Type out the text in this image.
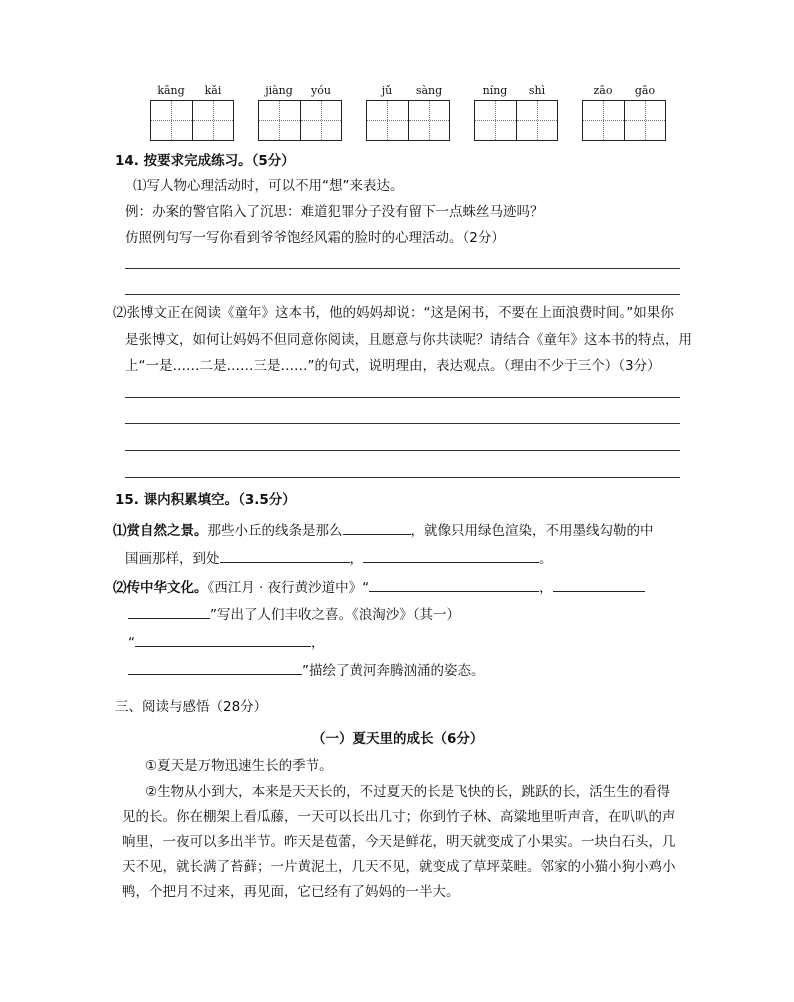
kāng	kǎi	jiàng	yóu	jǔ	sàng	níng	shì	zāo	gāo
14. 按要求完成练习。（5分）
⑴写人物心理活动时，可以不用“想”来表达。
例：办案的警官陷入了沉思：难道犯罪分子没有留下一点蛛丝马迹吗？
仿照例句写一写你看到爷爷饱经风霜的脸时的心理活动。（2分）
⑵张博文正在阅读《童年》这本书，他的妈妈却说：“这是闲书，不要在上面浪费时间。”如果你
是张博文，如何让妈妈不但同意你阅读，且愿意与你共读呢？请结合《童年》这本书的特点，用
上“一是……二是……三是……”的句式，说明理由，表达观点。（理由不少于三个）（3分）
15. 课内积累填空。（3.5分）
⑴赏自然之景。那些小丘的线条是那么	，就像只用绿色渲染，不用墨线勾勒的中
国画那样，到处	，	。
⑵传中华文化。《西江月 · 夜行黄沙道中》“	，
”写出了人们丰收之喜。《浪淘沙》（其一）
“	，
”描绘了黄河奔腾汹涌的姿态。
三、阅读与感悟（28分）
（一）夏天里的成长（6分）
①夏天是万物迅速生长的季节。
②生物从小到大，本来是天天长的，不过夏天的长是飞快的长，跳跃的长，活生生的看得
见的长。你在棚架上看瓜藤，一天可以长出几寸；你到竹子林、高粱地里听声音，在叭叭的声
响里，一夜可以多出半节。昨天是苞蕾，今天是鲜花，明天就变成了小果实。一块白石头，几
天不见，就长满了苔藓；一片黄泥土，几天不见，就变成了草坪菜畦。邻家的小猫小狗小鸡小
鸭，个把月不过来，再见面，它已经有了妈妈的一半大。
